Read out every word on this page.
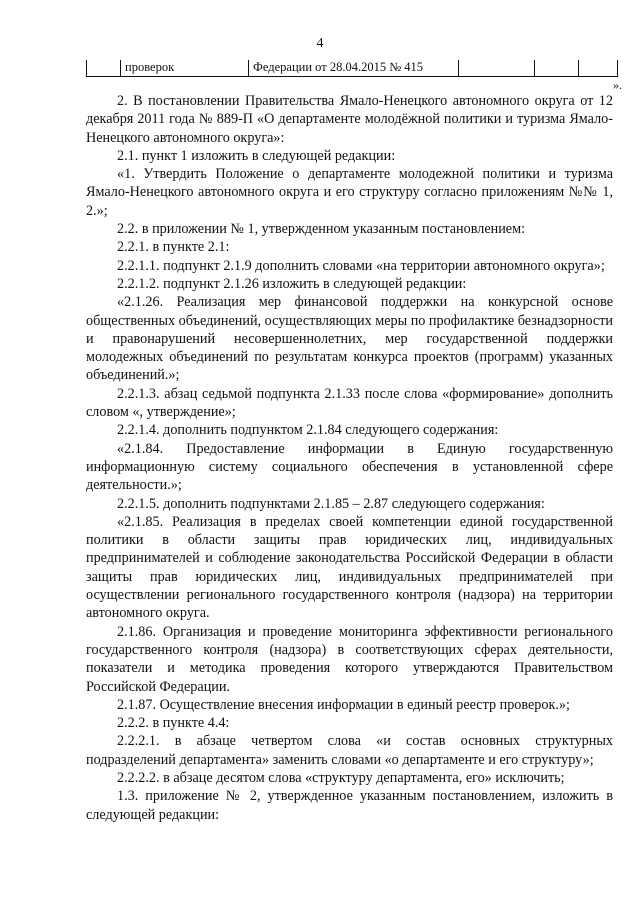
4
проверок	Федерации от 28.04.2015 № 415
».

2. В постановлении Правительства Ямало-Ненецкого автономного округа от 12 декабря 2011 года № 889-П «О департаменте молодёжной политики и туризма Ямало-Ненецкого автономного округа»:

2.1. пункт 1 изложить в следующей редакции:

«1. Утвердить Положение о департаменте молодежной политики и туризма Ямало-Ненецкого автономного округа и его структуру согласно приложениям №№ 1, 2.»;

2.2. в приложении № 1, утвержденном указанным постановлением:

2.2.1. в пункте 2.1:

2.2.1.1. подпункт 2.1.9 дополнить словами «на территории автономного округа»;

2.2.1.2. подпункт 2.1.26 изложить в следующей редакции:

«2.1.26. Реализация мер финансовой поддержки на конкурсной основе общественных объединений, осуществляющих меры по профилактике безнадзорности и правонарушений несовершеннолетних, мер государственной поддержки молодежных объединений по результатам конкурса проектов (программ) указанных объединений.»;

2.2.1.3. абзац седьмой подпункта 2.1.33 после слова «формирование» дополнить словом «, утверждение»;

2.2.1.4. дополнить подпунктом 2.1.84 следующего содержания:

«2.1.84. Предоставление информации в Единую государственную информационную систему социального обеспечения в установленной сфере деятельности.»;

2.2.1.5. дополнить подпунктами 2.1.85 – 2.87 следующего содержания:

«2.1.85. Реализация в пределах своей компетенции единой государственной политики в области защиты прав юридических лиц, индивидуальных предпринимателей и соблюдение законодательства Российской Федерации в области защиты прав юридических лиц, индивидуальных предпринимателей при осуществлении регионального государственного контроля (надзора) на территории автономного округа.

2.1.86. Организация и проведение мониторинга эффективности регионального государственного контроля (надзора) в соответствующих сферах деятельности, показатели и методика проведения которого утверждаются Правительством Российской Федерации.

2.1.87. Осуществление внесения информации в единый реестр проверок.»;

2.2.2. в пункте 4.4:

2.2.2.1. в абзаце четвертом слова «и состав основных структурных подразделений департамента» заменить словами «о департаменте и его структуру»;

2.2.2.2. в абзаце десятом слова «структуру департамента, его» исключить;

1.3. приложение № 2, утвержденное указанным постановлением, изложить в следующей редакции:
